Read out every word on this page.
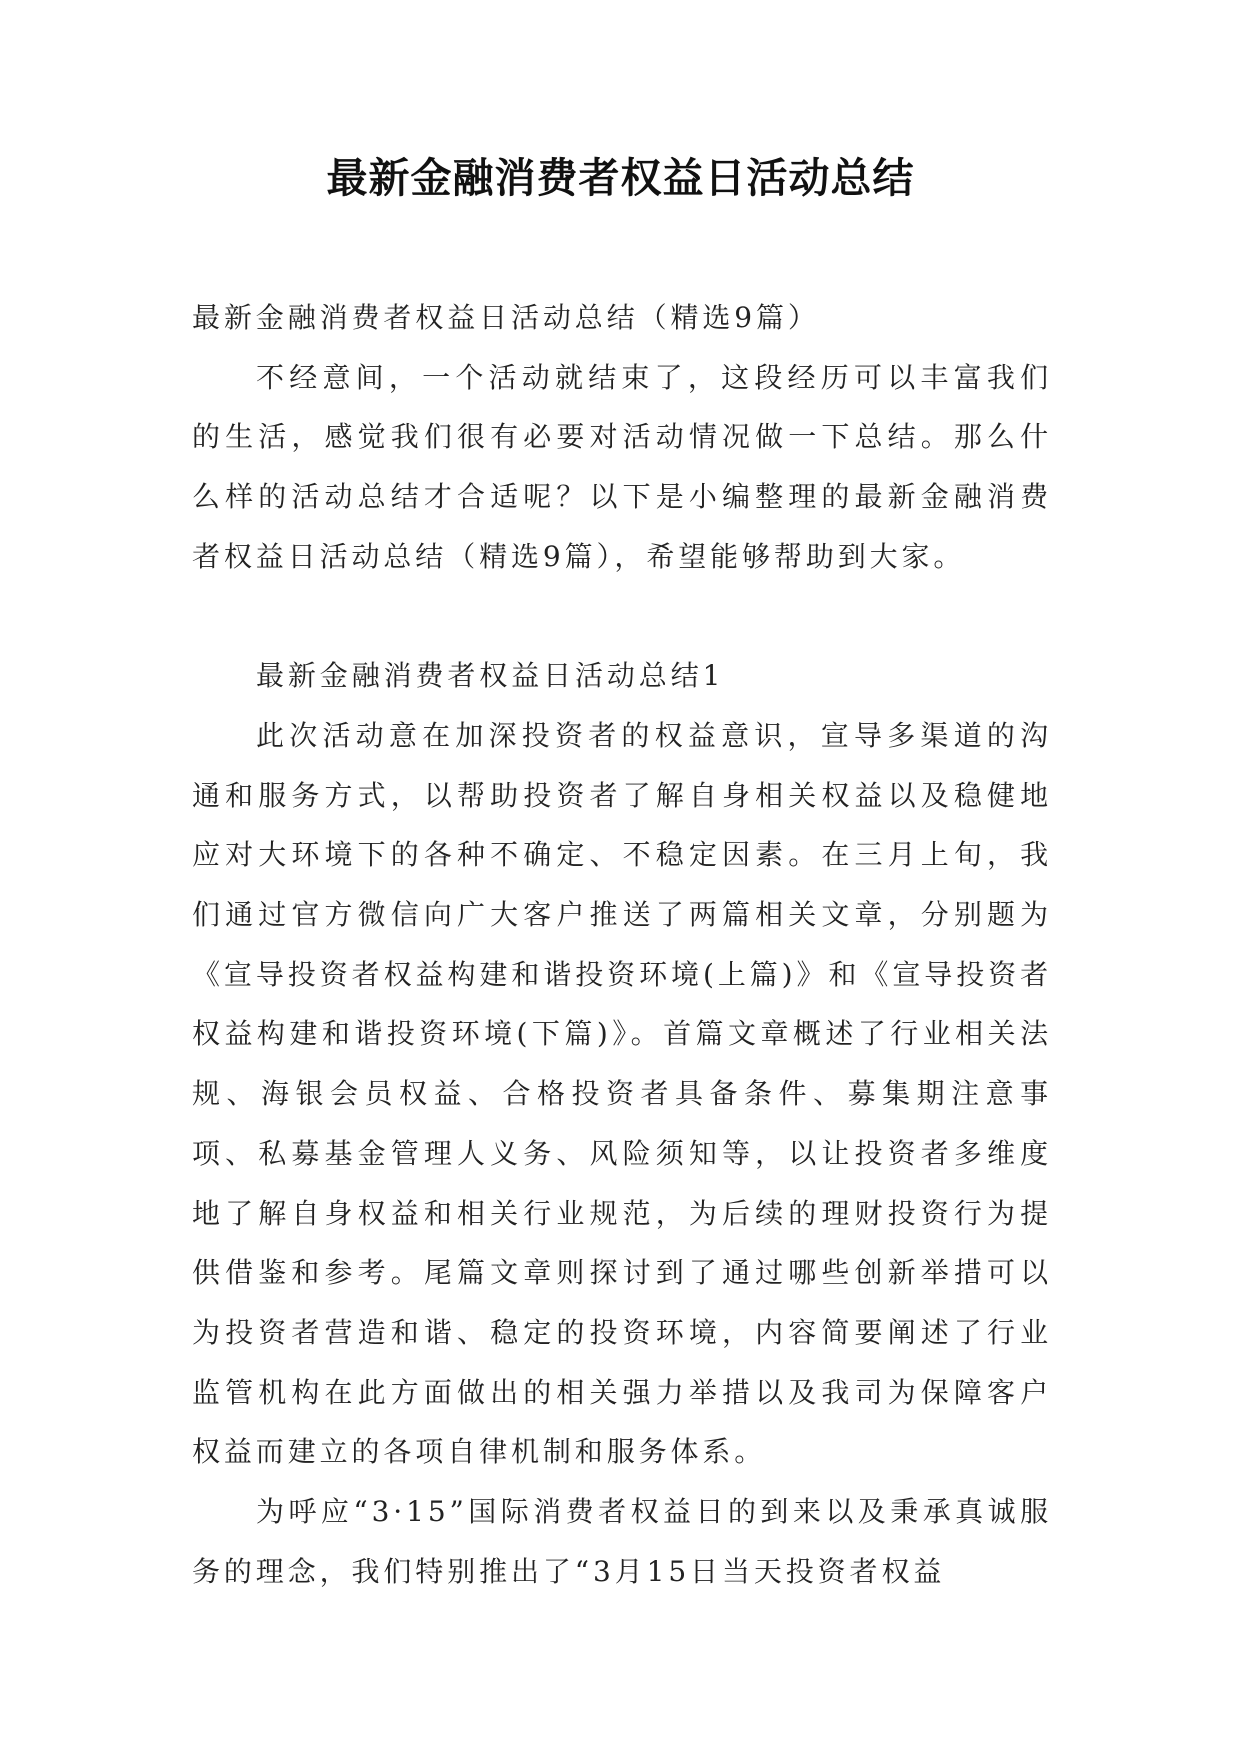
最新金融消费者权益日活动总结

最新金融消费者权益日活动总结（精选9篇）

不经意间，一个活动就结束了，这段经历可以丰富我们的生活，感觉我们很有必要对活动情况做一下总结。那么什么样的活动总结才合适呢？以下是小编整理的最新金融消费者权益日活动总结（精选9篇），希望能够帮助到大家。

最新金融消费者权益日活动总结1

此次活动意在加深投资者的权益意识，宣导多渠道的沟通和服务方式，以帮助投资者了解自身相关权益以及稳健地应对大环境下的各种不确定、不稳定因素。在三月上旬，我们通过官方微信向广大客户推送了两篇相关文章，分别题为《宣导投资者权益构建和谐投资环境(上篇)》和《宣导投资者权益构建和谐投资环境(下篇)》。首篇文章概述了行业相关法规、海银会员权益、合格投资者具备条件、募集期注意事项、私募基金管理人义务、风险须知等，以让投资者多维度地了解自身权益和相关行业规范，为后续的理财投资行为提供借鉴和参考。尾篇文章则探讨到了通过哪些创新举措可以为投资者营造和谐、稳定的投资环境，内容简要阐述了行业监管机构在此方面做出的相关强力举措以及我司为保障客户权益而建立的各项自律机制和服务体系。

为呼应“3·15”国际消费者权益日的到来以及秉承真诚服务的理念，我们特别推出了“3月15日当天投资者权益
